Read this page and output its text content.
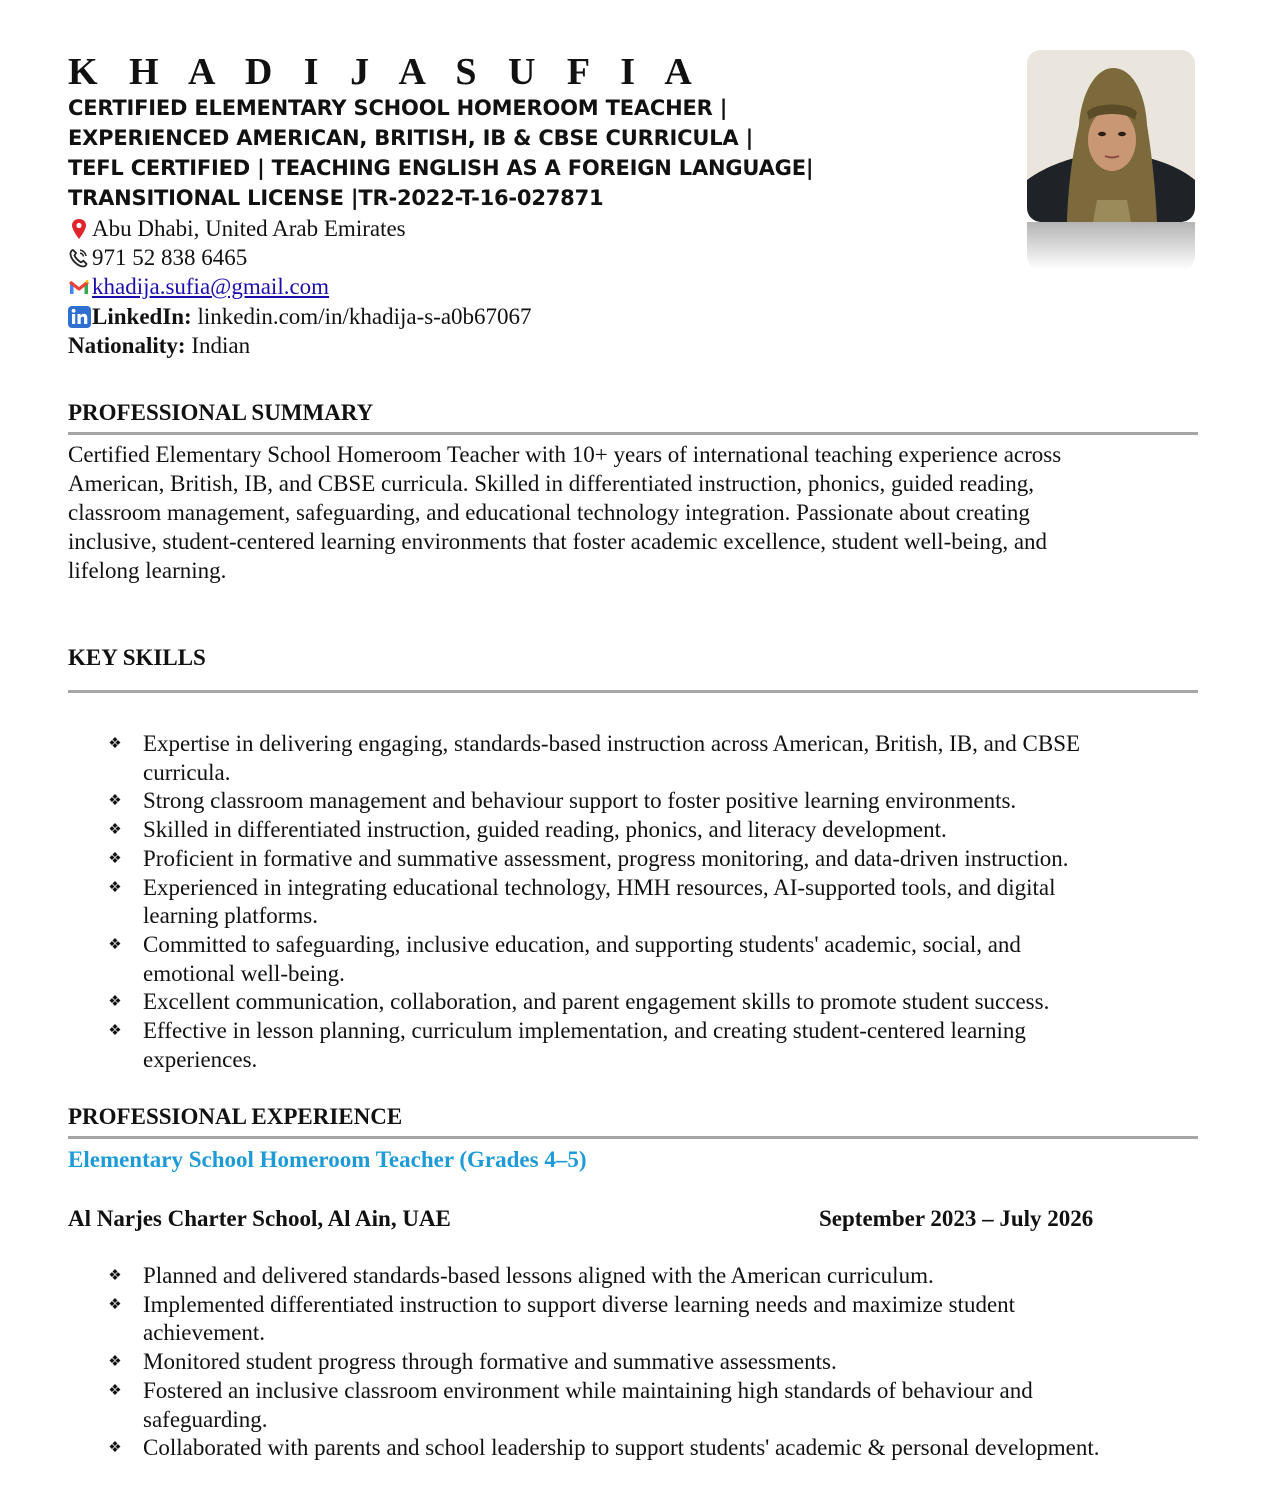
K H A D I J A S U F I A
CERTIFIED ELEMENTARY SCHOOL HOMEROOM TEACHER |
EXPERIENCED AMERICAN, BRITISH, IB & CBSE CURRICULA |
TEFL CERTIFIED | TEACHING ENGLISH AS A FOREIGN LANGUAGE|
TRANSITIONAL LICENSE |TR-2022-T-16-027871
Abu Dhabi, United Arab Emirates
971 52 838 6465
khadija.sufia@gmail.com
LinkedIn: linkedin.com/in/khadija-s-a0b67067
Nationality: Indian
PROFESSIONAL SUMMARY
Certified Elementary School Homeroom Teacher with 10+ years of international teaching experience across
American, British, IB, and CBSE curricula. Skilled in differentiated instruction, phonics, guided reading,
classroom management, safeguarding, and educational technology integration. Passionate about creating
inclusive, student-centered learning environments that foster academic excellence, student well-being, and
lifelong learning.
KEY SKILLS
❖ Expertise in delivering engaging, standards-based instruction across American, British, IB, and CBSE
curricula.
❖ Strong classroom management and behaviour support to foster positive learning environments.
❖ Skilled in differentiated instruction, guided reading, phonics, and literacy development.
❖ Proficient in formative and summative assessment, progress monitoring, and data-driven instruction.
❖ Experienced in integrating educational technology, HMH resources, AI-supported tools, and digital
learning platforms.
❖ Committed to safeguarding, inclusive education, and supporting students' academic, social, and
emotional well-being.
❖ Excellent communication, collaboration, and parent engagement skills to promote student success.
❖ Effective in lesson planning, curriculum implementation, and creating student-centered learning
experiences.
PROFESSIONAL EXPERIENCE
Elementary School Homeroom Teacher (Grades 4–5)
Al Narjes Charter School, Al Ain, UAE	September 2023 – July 2026
❖ Planned and delivered standards-based lessons aligned with the American curriculum.
❖ Implemented differentiated instruction to support diverse learning needs and maximize student
achievement.
❖ Monitored student progress through formative and summative assessments.
❖ Fostered an inclusive classroom environment while maintaining high standards of behaviour and
safeguarding.
❖ Collaborated with parents and school leadership to support students' academic & personal development.
